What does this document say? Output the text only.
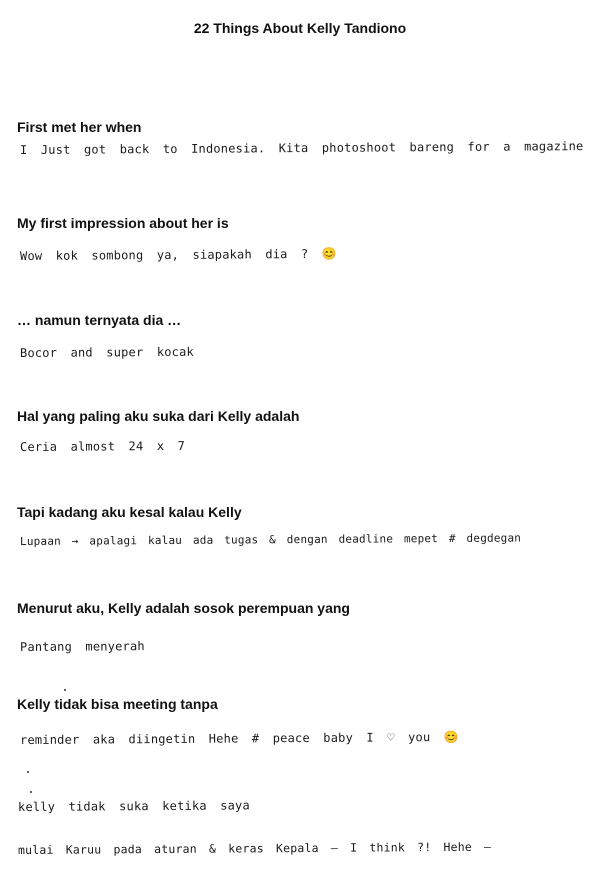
22 Things About Kelly Tandiono
First met her when
I Just got back to Indonesia. Kita photoshoot bareng for a magazine
My first impression about her is
Wow kok sombong ya, siapakah dia ? 😊
… namun ternyata dia …
Bocor and super kocak
Hal yang paling aku suka dari Kelly adalah
Ceria almost 24 x 7
Tapi kadang aku kesal kalau Kelly
Lupaan → apalagi kalau ada tugas & dengan deadline mepet # degdegan
Menurut aku, Kelly adalah sosok perempuan yang
Pantang menyerah
Kelly tidak bisa meeting tanpa
reminder aka diingetin Hehe # peace baby I ♡ you 😊
kelly tidak suka ketika saya
mulai Karuu pada aturan & keras Kepala — I think ?! Hehe —
